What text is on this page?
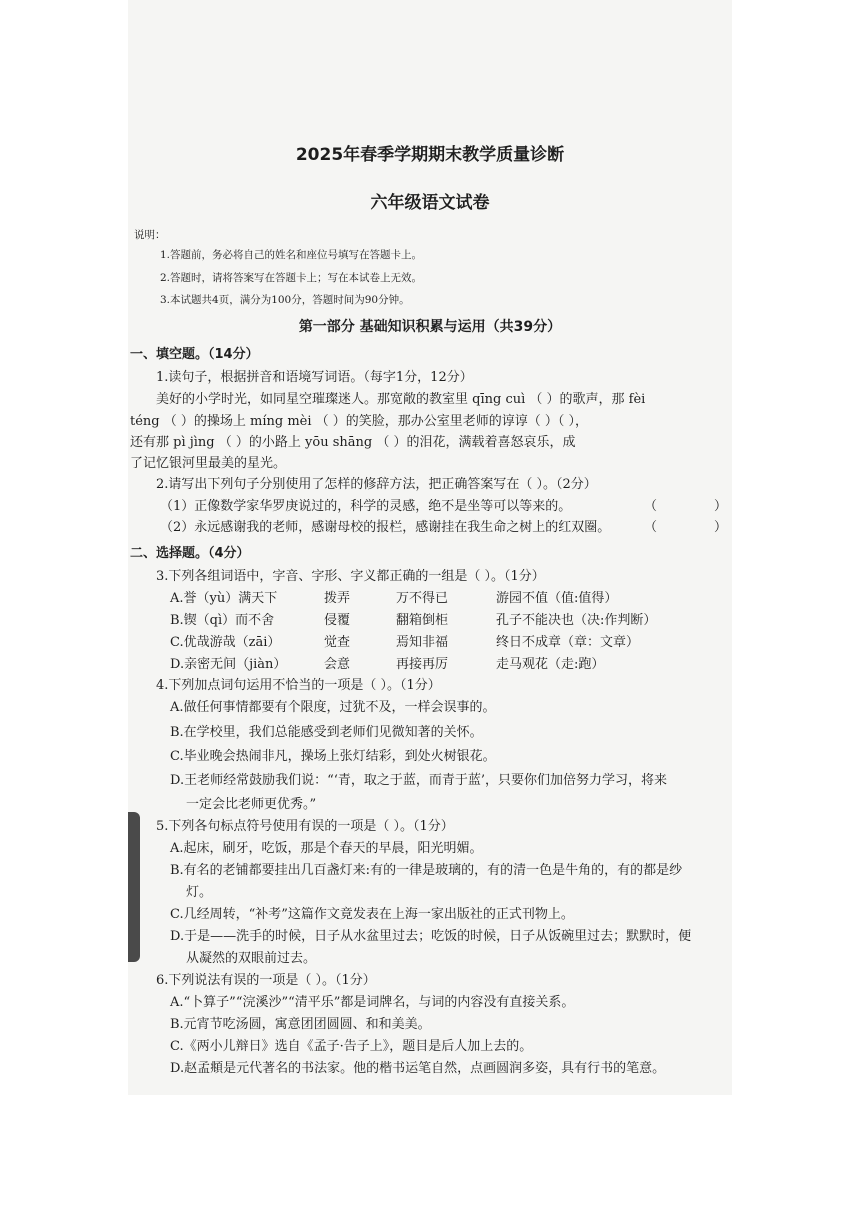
2025年春季学期期末教学质量诊断
六年级语文试卷
说明：
1.答题前，务必将自己的姓名和座位号填写在答题卡上。
2.答题时，请将答案写在答题卡上；写在本试卷上无效。
3.本试题共4页，满分为100分，答题时间为90分钟。
第一部分 基础知识积累与运用（共39分）
一、填空题。（14分）
1.读句子，根据拼音和语境写词语。（每字1分，12分）
美好的小学时光，如同星空璀璨迷人。那宽敞的教室里 qīng cuì （ ）的歌声，那 fèi
téng （ ）的操场上 míng mèi （ ）的笑脸，那办公室里老师的谆谆（ ）（ ），
还有那 pì jìng （ ）的小路上 yōu shāng （ ）的泪花，满载着喜怒哀乐，成
了记忆银河里最美的星光。
2.请写出下列句子分别使用了怎样的修辞方法，把正确答案写在（ ）。（2分）
（1）正像数学家华罗庚说过的，科学的灵感，绝不是坐等可以等来的。	（	）
（2）永远感谢我的老师，感谢母校的报栏，感谢挂在我生命之树上的红双圈。	（	）
二、选择题。（4分）
3.下列各组词语中，字音、字形、字义都正确的一组是（ ）。（1分）
A.誉（yù）满天下	拨弄	万不得已	游园不值（值:值得）
B.锲（qì）而不舍	侵覆	翻箱倒柜	孔子不能决也（决:作判断）
C.优哉游哉（zāi）	觉查	焉知非福	终日不成章（章：文章）
D.亲密无间（jiàn）	会意	再接再厉	走马观花（走:跑）
4.下列加点词句运用不恰当的一项是（ ）。（1分）
A.做任何事情都要有个限度，过犹不及，一样会误事的。
B.在学校里，我们总能感受到老师们见微知著的关怀。
C.毕业晚会热闹非凡，操场上张灯结彩，到处火树银花。
D.王老师经常鼓励我们说：“‘青，取之于蓝，而青于蓝’，只要你们加倍努力学习，将来
一定会比老师更优秀。”
5.下列各句标点符号使用有误的一项是（ ）。（1分）
A.起床，刷牙，吃饭，那是个春天的早晨，阳光明媚。
B.有名的老铺都要挂出几百盏灯来:有的一律是玻璃的，有的清一色是牛角的，有的都是纱
灯。
C.几经周转，“补考”这篇作文竟发表在上海一家出版社的正式刊物上。
D.于是——洗手的时候，日子从水盆里过去；吃饭的时候，日子从饭碗里过去；默默时，便
从凝然的双眼前过去。
6.下列说法有误的一项是（ ）。（1分）
A.“卜算子”“浣溪沙”“清平乐”都是词牌名，与词的内容没有直接关系。
B.元宵节吃汤圆，寓意团团圆圆、和和美美。
C.《两小儿辩日》选自《孟子·告子上》，题目是后人加上去的。
D.赵孟頫是元代著名的书法家。他的楷书运笔自然，点画圆润多姿，具有行书的笔意。
